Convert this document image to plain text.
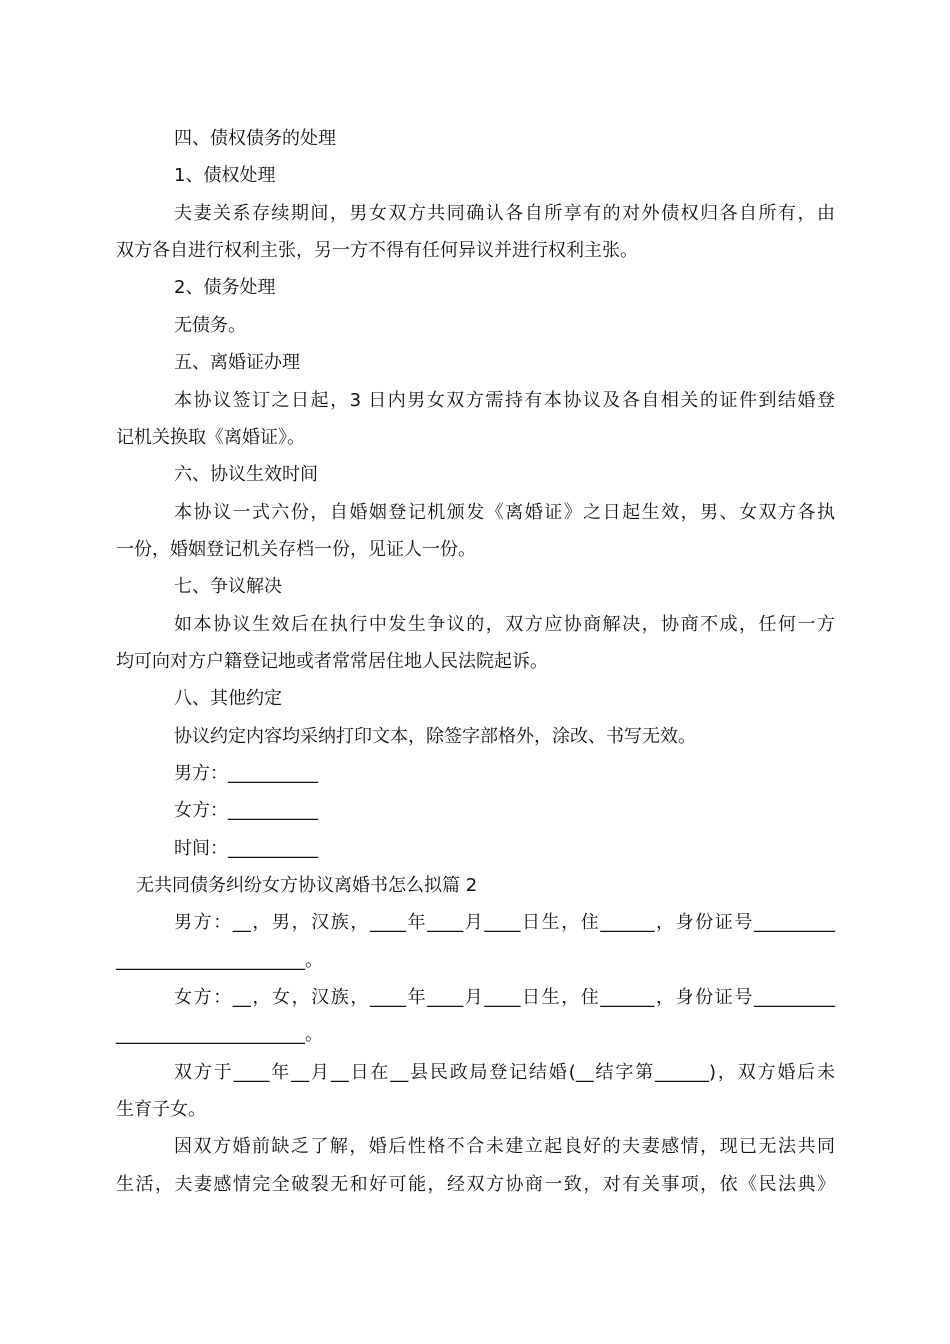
四、债权债务的处理
1、债权处理
夫妻关系存续期间，男女双方共同确认各自所享有的对外债权归各自所有，由
双方各自进行权利主张，另一方不得有任何异议并进行权利主张。
2、债务处理
无债务。
五、离婚证办理
本协议签订之日起，3 日内男女双方需持有本协议及各自相关的证件到结婚登
记机关换取《离婚证》。
六、协议生效时间
本协议一式六份，自婚姻登记机颁发《离婚证》之日起生效，男、女双方各执
一份，婚姻登记机关存档一份，见证人一份。
七、争议解决
如本协议生效后在执行中发生争议的，双方应协商解决，协商不成，任何一方
均可向对方户籍登记地或者常常居住地人民法院起诉。
八、其他约定
协议约定内容均采纳打印文本，除签字部格外，涂改、书写无效。
男方：__________
女方：__________
时间：__________
无共同债务纠纷女方协议离婚书怎么拟篇 2
男方：__，男，汉族，____年____月____日生，住______，身份证号_________
_____________________。
女方：__，女，汉族，____年____月____日生，住______，身份证号_________
_____________________。
双方于____年__月__日在__县民政局登记结婚(__结字第______)，双方婚后未
生育子女。
因双方婚前缺乏了解，婚后性格不合未建立起良好的夫妻感情，现已无法共同
生活，夫妻感情完全破裂无和好可能，经双方协商一致，对有关事项，依《民法典》
